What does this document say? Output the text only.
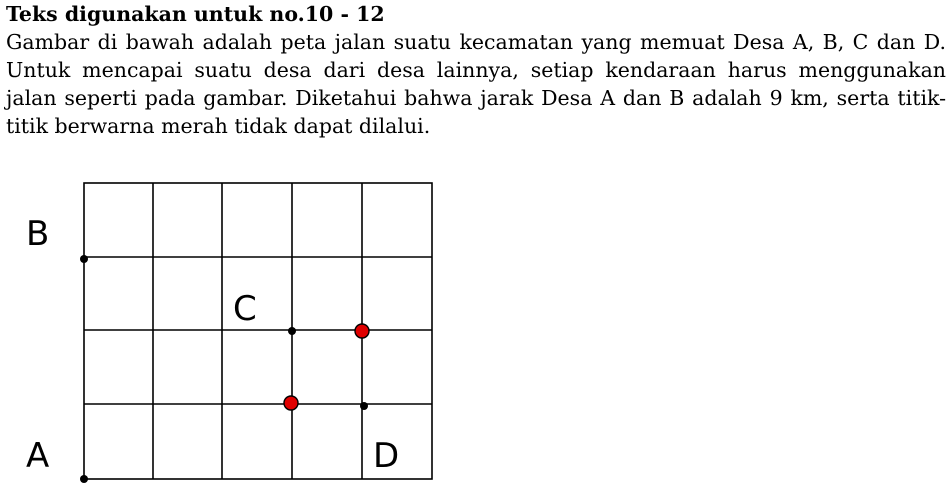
Teks digunakan untuk no.10 - 12

Gambar di bawah adalah peta jalan suatu kecamatan yang memuat Desa A, B, C dan D. Untuk mencapai suatu desa dari desa lainnya, setiap kendaraan harus menggunakan jalan seperti pada gambar. Diketahui bahwa jarak Desa A dan B adalah 9 km, serta titik-titik berwarna merah tidak dapat dilalui.

B
C
A	D
